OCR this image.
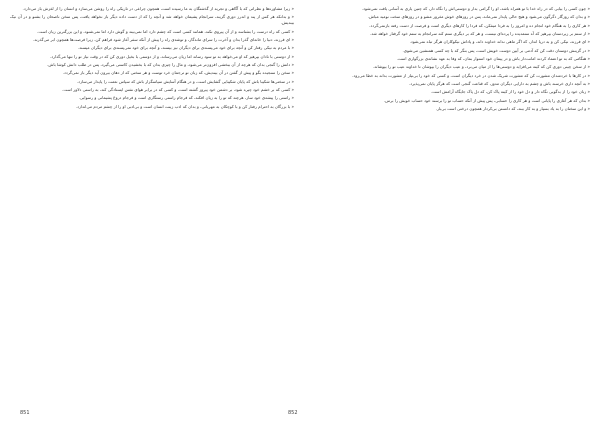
« زیرا مشاوره‌ها و نظراتی که با آگاهی و تجربه از گذشتگان به ما رسیده است، همچون چراغی در تاریکی راه را روشن می‌سازد و انسان را از لغزش باز می‌دارد.

« و بدانکه هر کس از پند و اندرز دوری گزیند، سرانجام پشیمان خواهد شد و آنچه را که از دست داده دیگر باز نخواهد یافت، پس سخن ناصحان را بشنو و در آن نیک بیندیش.

« کسی که راه درست را بشناسد و از آن پیروی نکند، همانند کسی است که چشم دارد اما نمی‌بیند و گوش دارد اما نمی‌شنود، و این بزرگترین زیان است.

« ای فرزند، دنیا را خانه‌ای گذرا بدان و آخرت را سرای ماندگار، و توشه‌ی راه را پیش از آنکه سفر آغاز شود فراهم کن، زیرا فرصت‌ها همچون ابر می‌گذرند.

« با مردم به نیکی رفتار کن و آنچه برای خود می‌پسندی برای دیگران نیز بپسند، و آنچه برای خود نمی‌پسندی برای دیگران مپسند.

« از دوستی با نادان بپرهیز که او می‌خواهد به تو سود رساند اما زیان می‌رساند، و از دوستی با بخیل دوری کن که در وقت نیاز تو را تنها می‌گذارد.

« دانش را گنجی بدان که هرچه از آن ببخشی افزون‌تر می‌شود، و مال را چیزی بدان که با بخشیدن کاستی می‌گیرد، پس در طلب دانش کوشا باش.

« سخن را سنجیده بگو و پیش از گفتن در آن بیندیش، که زبان تو ترجمان خرد توست و هر سخنی که از دهان بیرون آید دیگر باز نمی‌گردد.

« در سختی‌ها شکیبا باش که پایان شکیبایی گشایش است، و در هنگام آسایش سپاسگزار باش که سپاس نعمت را پایدار می‌سازد.

« کسی که بر خشم خود چیره شود، بر دشمن خود پیروز گشته است، و کسی که در برابر هوای نفس ایستادگی کند، به راستی دلاور است.

« راستی را پیشه‌ی خود ساز، هرچند که تو را به زیان افکند، که فرجام راستی رستگاری است و فرجام دروغ پشیمانی و رسوایی.

« با بزرگان به احترام رفتار کن و با کوچکان به مهربانی، و بدان که ادب زینت انسان است و بی‌ادبی او را از چشم مردم می‌اندازد.

« چون کسی را بیابی که در راه خدا با تو همراه باشد، او را گرامی بدار و دوستی‌اش را نگاه دار، که چنین یاری به آسانی یافت نمی‌شود.

« و بدان که روزگار دگرگون می‌شود و هیچ حالی پایدار نمی‌ماند، پس در روزهای خوش مغرور مشو و در روزهای سخت نومید مباش.

« هر کاری را به هنگام خود انجام ده و امروز را به فردا میفکن، که فردا را کارهای دیگری است و فرصت از دست رفته بازنمی‌گردد.

« از ستم بر زیردستان بپرهیز که آه ستمدیده را پرده‌ای نیست، و هر که بر دیگری ستم کند سرانجام به ستم خود گرفتار خواهد شد.

« ای فرزند، نیکی کن و به دریا انداز، که اگر ماهی نداند خداوند داند، و پاداش نیکوکاران هرگز تباه نمی‌شود.

« در گزینش دوستان دقت کن که آدمی بر آیین دوست خویش است، پس بنگر که با چه کسی همنشین می‌شوی.

« هنگامی که به تو اعتماد کردند امانت‌دار باش و در پیمان خود استوار بمان، که وفا به عهد نشانه‌ی بزرگواری است.

« از سخن چینی دوری کن که کینه می‌افزاید و دوستی‌ها را از میان می‌برد، و عیب دیگران را بپوشان تا خداوند عیب تو را بپوشاند.

« در کارها با خردمندان مشورت کن که مشورت شریک شدن در خرد دیگران است، و کسی که خود را بی‌نیاز از مشورت بداند به خطا می‌رود.

« به آنچه داری خرسند باش و چشم به دارایی دیگران مدوز، که قناعت گنجی است که هرگز پایان نمی‌پذیرد.

« زبان خود را از بدگویی نگاه دار و دل خود را از کینه پاک کن، که دل پاک جایگاه آرامش است.

« بدان که هر آغازی را پایانی است و هر کاری را حسابی، پس پیش از آنکه حساب تو را برسند خود حساب خویش را برس.

« و این سخنان را به یاد بسپار و به کار ببند، که دانستن بی‌کردار همچون درختی است بی‌بار.

851	852
